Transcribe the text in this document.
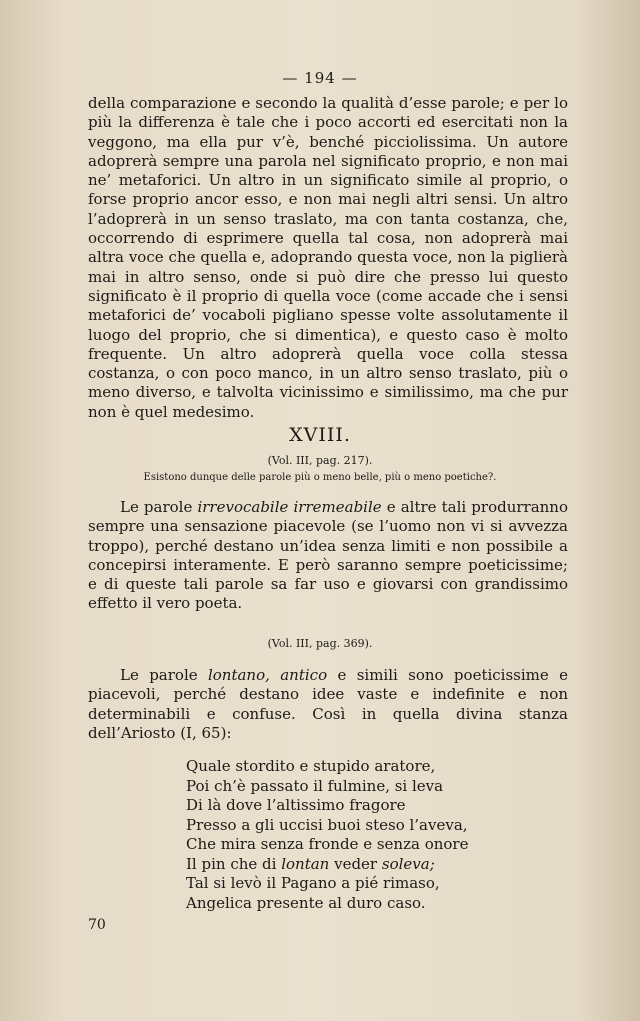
— 194 —

della comparazione e secondo la qualità d’esse parole; e per lo più la differenza è tale che i poco accorti ed esercitati non la veggono, ma ella pur v’è, benché picciolissima. Un autore adoprerà sempre una parola nel significato proprio, e non mai ne’ metaforici. Un altro in un significato simile al proprio, o forse proprio ancor esso, e non mai negli altri sensi. Un altro l’adoprerà in un senso traslato, ma con tanta costanza, che, occorrendo di esprimere quella tal cosa, non adoprerà mai altra voce che quella e, adoprando questa voce, non la piglierà mai in altro senso, onde si può dire che presso lui questo significato è il proprio di quella voce (come accade che i sensi metaforici de’ vocaboli pigliano spesse volte assolutamente il luogo del proprio, che si dimentica), e questo caso è molto frequente. Un altro adoprerà quella voce colla stessa costanza, o con poco manco, in un altro senso traslato, più o meno diverso, e talvolta vicinissimo e similissimo, ma che pur non è quel medesimo.

XVIII.
(Vol. III, pag. 217).
Esistono dunque delle parole più o meno belle, più o meno poetiche?.

Le parole irrevocabile irremeabile e altre tali produrranno sempre una sensazione piacevole (se l’uomo non vi si avvezza troppo), perché destano un’idea senza limiti e non possibile a concepirsi interamente. E però saranno sempre poeticissime; e di queste tali parole sa far uso e giovarsi con grandissimo effetto il vero poeta.

(Vol. III, pag. 369).

Le parole lontano, antico e simili sono poeticissime e piacevoli, perché destano idee vaste e indefinite e non determinabili e confuse. Così in quella divina stanza dell’Ariosto (I, 65):

Quale stordito e stupido aratore,
Poi ch’è passato il fulmine, si leva
Di là dove l’altissimo fragore
Presso a gli uccisi buoi steso l’aveva,
Che mira senza fronde e senza onore
Il pin che di lontan veder soleva;
Tal si levò il Pagano a pié rimaso,
Angelica presente al duro caso.
70
